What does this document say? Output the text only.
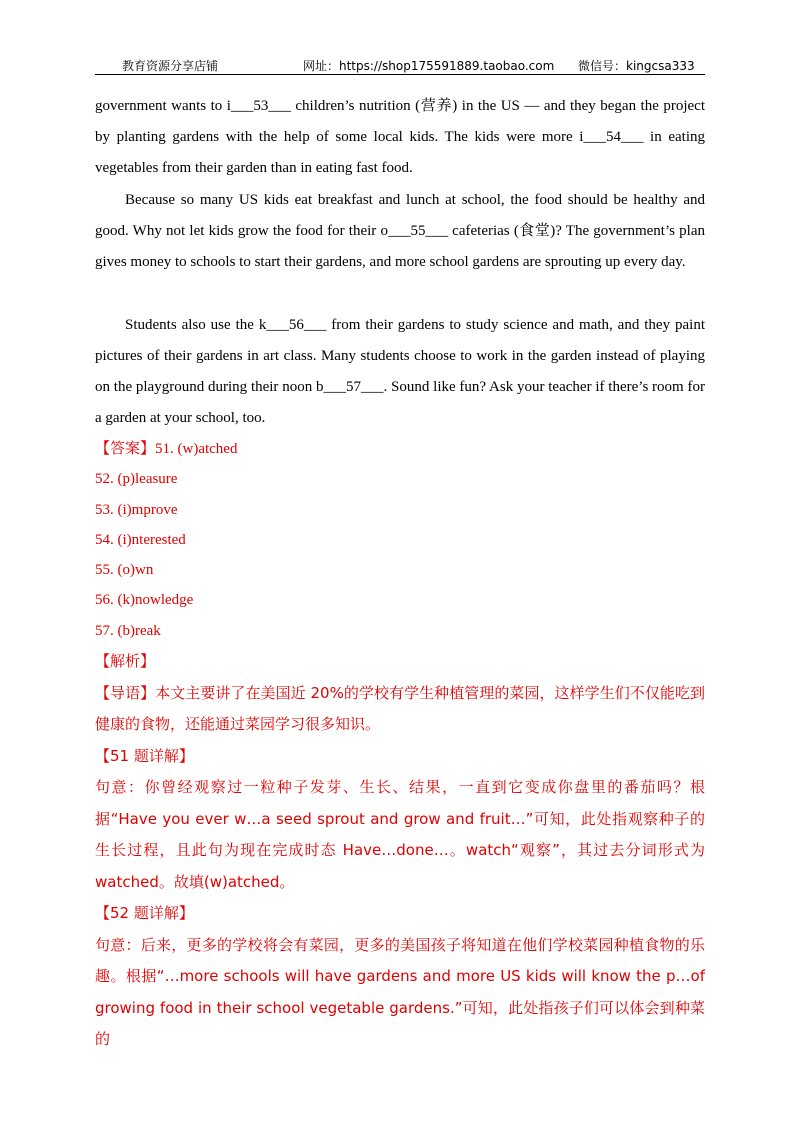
教育资源分享店铺	网址：https://shop175591889.taobao.com 微信号：kingcsa333

government wants to i___53___ children’s nutrition (营养) in the US — and they began the project by planting gardens with the help of some local kids. The kids were more i___54___ in eating vegetables from their garden than in eating fast food.

Because so many US kids eat breakfast and lunch at school, the food should be healthy and good. Why not let kids grow the food for their o___55___ cafeterias (食堂)? The government’s plan gives money to schools to start their gardens, and more school gardens are sprouting up every day.

Students also use the k___56___ from their gardens to study science and math, and they paint pictures of their gardens in art class. Many students choose to work in the garden instead of playing on the playground during their noon b___57___. Sound like fun? Ask your teacher if there’s room for a garden at your school, too.

【答案】51. (w)atched
52. (p)leasure
53. (i)mprove
54. (i)nterested
55. (o)wn
56. (k)nowledge
57. (b)reak
【解析】
【导语】本文主要讲了在美国近 20%的学校有学生种植管理的菜园，这样学生们不仅能吃到健康的食物，还能通过菜园学习很多知识。
【51 题详解】
句意：你曾经观察过一粒种子发芽、生长、结果，一直到它变成你盘里的番茄吗？根据“Have you ever w…a seed sprout and grow and fruit…”可知，此处指观察种子的生长过程，且此句为现在完成时态 Have…done…。watch“观察”，其过去分词形式为 watched。故填(w)atched。
【52 题详解】
句意：后来，更多的学校将会有菜园，更多的美国孩子将知道在他们学校菜园种植食物的乐趣。根据“…more schools will have gardens and more US kids will know the p…of growing food in their school vegetable gardens.”可知，此处指孩子们可以体会到种菜的
